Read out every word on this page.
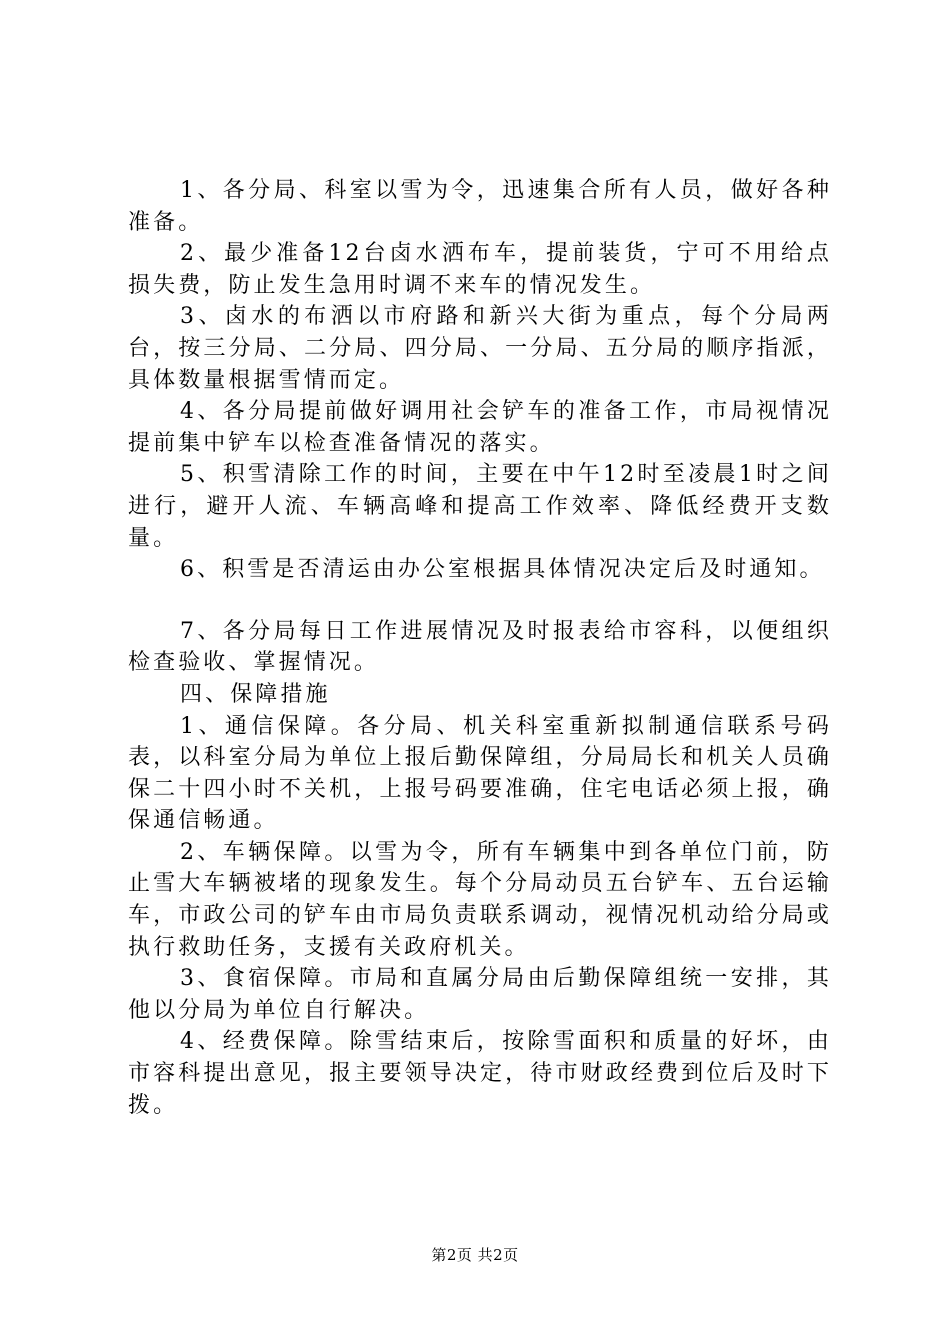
1、各分局、科室以雪为令，迅速集合所有人员，做好各种准备。

2、最少准备12台卤水洒布车，提前装货，宁可不用给点损失费，防止发生急用时调不来车的情况发生。

3、卤水的布洒以市府路和新兴大街为重点，每个分局两台，按三分局、二分局、四分局、一分局、五分局的顺序指派，具体数量根据雪情而定。

4、各分局提前做好调用社会铲车的准备工作，市局视情况提前集中铲车以检查准备情况的落实。

5、积雪清除工作的时间，主要在中午12时至凌晨1时之间进行，避开人流、车辆高峰和提高工作效率、降低经费开支数量。

6、积雪是否清运由办公室根据具体情况决定后及时通知。

7、各分局每日工作进展情况及时报表给市容科，以便组织检查验收、掌握情况。

四、保障措施

1、通信保障。各分局、机关科室重新拟制通信联系号码表，以科室分局为单位上报后勤保障组，分局局长和机关人员确保二十四小时不关机，上报号码要准确，住宅电话必须上报，确保通信畅通。

2、车辆保障。以雪为令，所有车辆集中到各单位门前，防止雪大车辆被堵的现象发生。每个分局动员五台铲车、五台运输车，市政公司的铲车由市局负责联系调动，视情况机动给分局或执行救助任务，支援有关政府机关。

3、食宿保障。市局和直属分局由后勤保障组统一安排，其他以分局为单位自行解决。

4、经费保障。除雪结束后，按除雪面积和质量的好坏，由市容科提出意见，报主要领导决定，待市财政经费到位后及时下拨。

第2页 共2页
